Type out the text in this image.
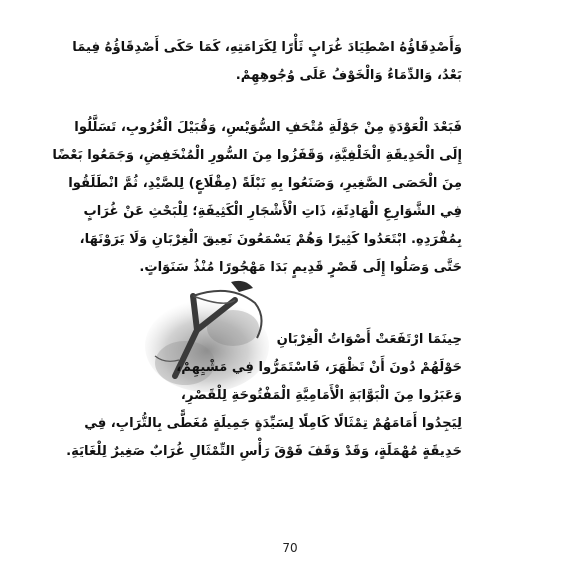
وَأَصْدِقَاؤُهُ اصْطِيَادَ غُرَابٍ ثَأْرًا لِكَرَامَتِهِ، كَمَا حَكَى أَصْدِقَاؤُهُ فِيمَا
بَعْدُ، وَالدِّمَاءُ وَالْخَوْفُ عَلَى وُجُوهِهِمْ.
فَبَعْدَ الْعَوْدَةِ مِنْ جَوْلَةِ مُتْحَفِ السُّوَيْسِ، وَقُبَيْلَ الْغُرُوبِ، تَسَلَّلُوا
إِلَى الْحَدِيقَةِ الْخَلْفِيَّةِ، وَقَفَزُوا مِنَ السُّورِ الْمُنْخَفِضِ، وَجَمَعُوا بَعْضًا
مِنَ الْحَصَى الصَّغِيرِ، وَصَنَعُوا بِهِ نَبْلَةً (مِقْلَاعٍ) لِلصَّيْدِ، ثُمَّ انْطَلَقُوا
فِي الشَّوَارِعِ الْهَادِئَةِ، ذَاتِ الْأَشْجَارِ الْكَثِيفَةِ؛ لِلْبَحْثِ عَنْ غُرَابٍ
بِمُفْرَدِهِ. ابْتَعَدُوا كَثِيرًا وَهُمْ يَسْمَعُونَ نَعِيقَ الْغِرْبَانِ وَلَا يَرَوْنَهَا،
حَتَّى وَصَلُوا إِلَى قَصْرٍ قَدِيمٍ بَدَا مَهْجُورًا مُنْذُ سَنَوَاتٍ.
حِينَمَا ارْتَفَعَتْ أَصْوَاتُ الْغِرْبَانِ
حَوْلَهُمْ دُونَ أَنْ تَظْهَرَ، فَاسْتَمَرُّوا فِي مَشْيِهِمْ،
وَعَبَرُوا مِنَ الْبَوَّابَةِ الْأَمَامِيَّةِ الْمَفْتُوحَةِ لِلْقَصْرِ،
لِيَجِدُوا أَمَامَهُمْ تِمْثَالًا كَامِلًا لِسَيِّدَةٍ جَمِيلَةٍ مُغَطًّى بِالتُّرَابِ، فِي
حَدِيقَةٍ مُهْمَلَةٍ، وَقَدْ وَقَفَ فَوْقَ رَأْسِ التِّمْثَالِ غُرَابٌ صَغِيرٌ لِلْغَايَةِ.
70
